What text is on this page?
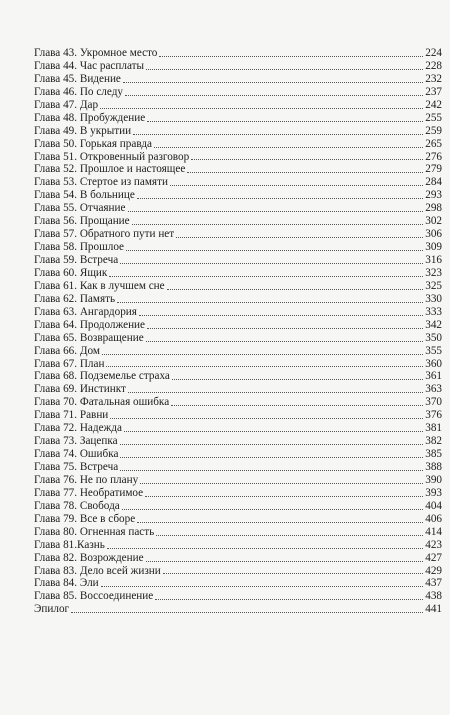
Глава 43. Укромное место	224
Глава 44. Час расплаты	228
Глава 45. Видение	232
Глава 46. По следу	237
Глава 47. Дар	242
Глава 48. Пробуждение	255
Глава 49. В укрытии	259
Глава 50. Горькая правда	265
Глава 51. Откровенный разговор	276
Глава 52. Прошлое и настоящее	279
Глава 53. Стертое из памяти	284
Глава 54. В больнице	293
Глава 55. Отчаяние	298
Глава 56. Прощание	302
Глава 57. Обратного пути нет	306
Глава 58. Прошлое	309
Глава 59. Встреча	316
Глава 60. Ящик	323
Глава 61. Как в лучшем сне	325
Глава 62. Память	330
Глава 63. Ангардория	333
Глава 64. Продолжение	342
Глава 65. Возвращение	350
Глава 66. Дом	355
Глава 67. План	360
Глава 68. Подземелье страха	361
Глава 69. Инстинкт	363
Глава 70. Фатальная ошибка	370
Глава 71. Равни	376
Глава 72. Надежда	381
Глава 73. Зацепка	382
Глава 74. Ошибка	385
Глава 75. Встреча	388
Глава 76. Не по плану	390
Глава 77. Необратимое	393
Глава 78. Свобода	404
Глава 79. Все в сборе	406
Глава 80. Огненная пасть	414
Глава 81.Казнь	423
Глава 82. Возрождение	427
Глава 83. Дело всей жизни	429
Глава 84. Эли	437
Глава 85. Воссоединение	438
Эпилог	441
